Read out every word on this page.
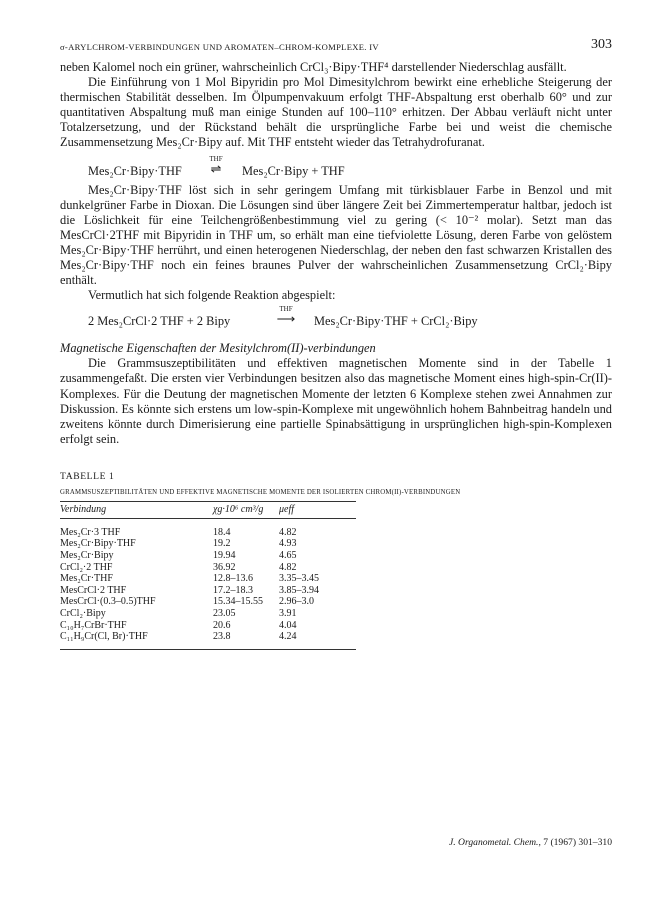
σ-ARYLCHROM-VERBINDUNGEN UND AROMATEN–CHROM-KOMPLEXE. IV	303

neben Kalomel noch ein grüner, wahrscheinlich CrCl₃·Bipy·THF⁴ darstellender Niederschlag ausfällt.

Die Einführung von 1 Mol Bipyridin pro Mol Dimesitylchrom bewirkt eine erhebliche Steigerung der thermischen Stabilität desselben. Im Ölpumpenvakuum erfolgt THF-Abspaltung erst oberhalb 60° und zur quantitativen Abspaltung muß man einige Stunden auf 100–110° erhitzen. Der Abbau verläuft nicht unter Totalzersetzung, und der Rückstand behält die ursprüngliche Farbe bei und weist die chemische Zusammensetzung Mes₂Cr·Bipy auf. Mit THF entsteht wieder das Tetrahydrofuranat.

Mes₂Cr·Bipy·THF
THF
⇌	Mes₂Cr·Bipy + THF

Mes₂Cr·Bipy·THF löst sich in sehr geringem Umfang mit türkisblauer Farbe in Benzol und mit dunkelgrüner Farbe in Dioxan. Die Lösungen sind über längere Zeit bei Zimmertemperatur haltbar, jedoch ist die Löslichkeit für eine Teilchengrößenbestimmung viel zu gering (< 10⁻² molar). Setzt man das MesCrCl·2THF mit Bipyridin in THF um, so erhält man eine tiefviolette Lösung, deren Farbe von gelöstem Mes₂Cr·Bipy·THF herrührt, und einen heterogenen Niederschlag, der neben den fast schwarzen Kristallen des Mes₂Cr·Bipy·THF noch ein feines braunes Pulver der wahrscheinlichen Zusammensetzung CrCl₂·Bipy enthält.

Vermutlich hat sich folgende Reaktion abgespielt:

2 Mes₂CrCl·2 THF + 2 Bipy
THF
⟶	Mes₂Cr·Bipy·THF + CrCl₂·Bipy
Magnetische Eigenschaften der Mesitylchrom(II)-verbindungen

Die Grammsuszeptibilitäten und effektiven magnetischen Momente sind in der Tabelle 1 zusammengefaßt. Die ersten vier Verbindungen besitzen also das magnetische Moment eines high-spin-Cr(II)-Komplexes. Für die Deutung der magnetischen Momente der letzten 6 Komplexe stehen zwei Annahmen zur Diskussion. Es könnte sich erstens um low-spin-Komplexe mit ungewöhnlich hohem Bahnbeitrag handeln und zweitens könnte durch Dimerisierung eine partielle Spinabsättigung in ursprünglichen high-spin-Komplexen erfolgt sein.

TABELLE 1
GRAMMSUSZEPTIBILITÄTEN UND EFFEKTIVE MAGNETISCHE MOMENTE DER ISOLIERTEN CHROM(II)-VERBINDUNGEN
Verbindung	χg·10⁶ cm³/g	μeff
Mes₂Cr·3 THF	18.4	4.82
Mes₂Cr·Bipy·THF	19.2	4.93
Mes₂Cr·Bipy	19.94	4.65
CrCl₂·2 THF	36.92	4.82
Mes₂Cr·THF	12.8–13.6	3.35–3.45
MesCrCl·2 THF	17.2–18.3	3.85–3.94
MesCrCl·(0.3–0.5)THF	15.34–15.55	2.96–3.0
CrCl₂·Bipy	23.05	3.91
C₁₀H₇CrBr·THF	20.6	4.04
C₁₁H₉Cr(Cl, Br)·THF	23.8	4.24
J. Organometal. Chem., 7 (1967) 301–310
